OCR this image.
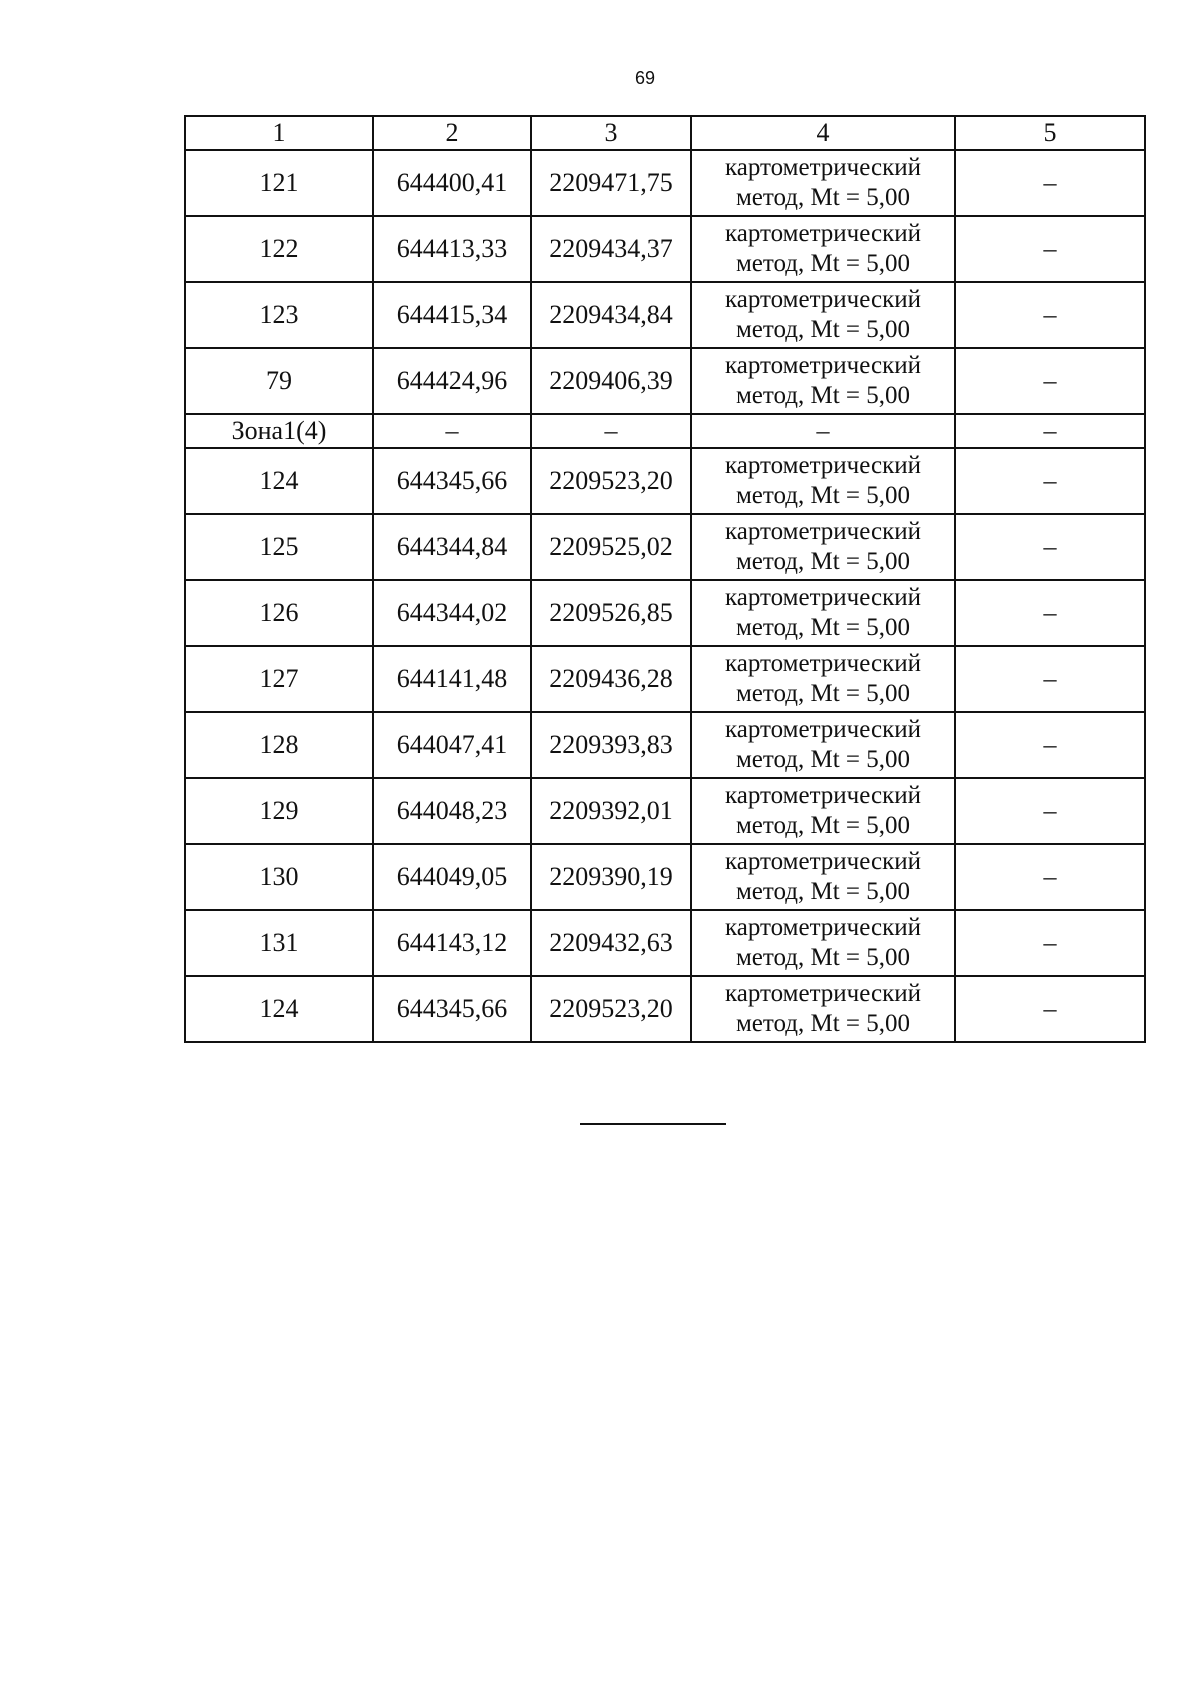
69
1	2	3	4	5
121	644400,41	2209471,75	картометрический
метод, Mt = 5,00	–
122	644413,33	2209434,37	картометрический
метод, Mt = 5,00	–
123	644415,34	2209434,84	картометрический
метод, Mt = 5,00	–
79	644424,96	2209406,39	картометрический
метод, Mt = 5,00	–
Зона1(4)	–	–	–	–
124	644345,66	2209523,20	картометрический
метод, Mt = 5,00	–
125	644344,84	2209525,02	картометрический
метод, Mt = 5,00	–
126	644344,02	2209526,85	картометрический
метод, Mt = 5,00	–
127	644141,48	2209436,28	картометрический
метод, Mt = 5,00	–
128	644047,41	2209393,83	картометрический
метод, Mt = 5,00	–
129	644048,23	2209392,01	картометрический
метод, Mt = 5,00	–
130	644049,05	2209390,19	картометрический
метод, Mt = 5,00	–
131	644143,12	2209432,63	картометрический
метод, Mt = 5,00	–
124	644345,66	2209523,20	картометрический
метод, Mt = 5,00	–
